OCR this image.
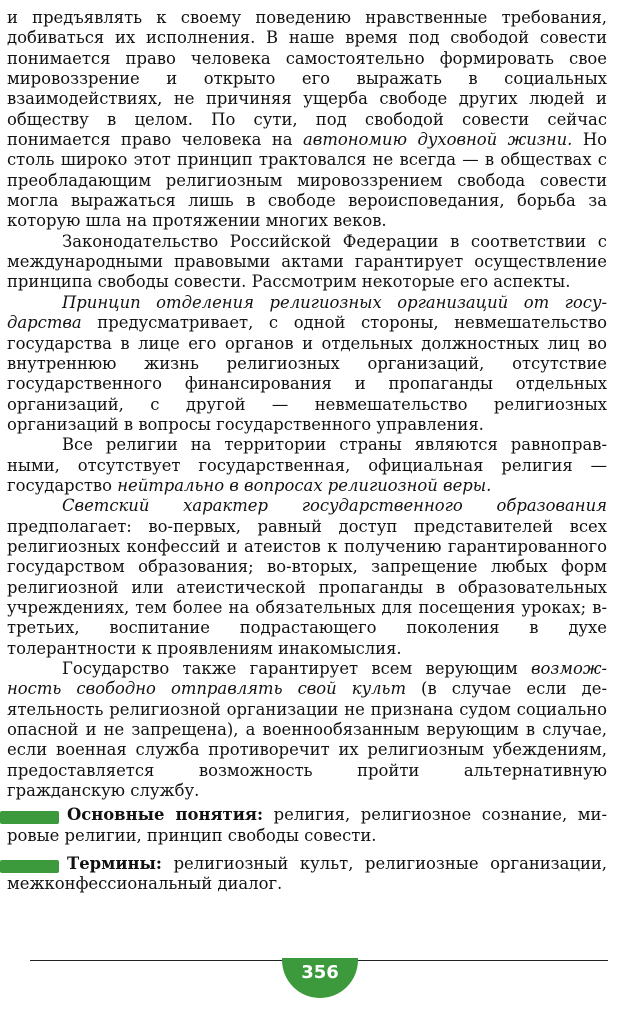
и предъявлять к своему поведению нравственные требования, добиваться их исполнения. В наше время под свободой совести понимается право человека самостоятельно формировать свое мировоззрение и открыто его выражать в социальных взаимодействиях, не причиняя ущерба свободе других людей и обществу в целом. По сути, под свободой совести сейчас понимается право человека на автономию духовной жизни. Но столь широко этот принцип трактовался не всегда — в обществах с преобладающим религиозным мировоззрением свобода совести могла выражаться лишь в свободе вероисповедания, борьба за которую шла на протяжении многих веков.

Законодательство Российской Федерации в соответствии с международными правовыми актами гарантирует осуществление принципа свободы совести. Рассмотрим некоторые его аспекты.

Принцип отделения религиозных организаций от государства предусматривает, с одной стороны, невмешательство государства в лице его органов и отдельных должностных лиц во внутреннюю жизнь религиозных организаций, отсутствие государственного финансирования и пропаганды отдельных организаций, с другой — невмешательство религиозных организаций в вопросы государственного управления.

Все религии на территории страны являются равноправными, отсутствует государственная, официальная религия — государство нейтрально в вопросах религиозной веры.

Светский характер государственного образования предполагает: во-первых, равный доступ представителей всех религиозных конфессий и атеистов к получению гарантированного государством образования; во-вторых, запрещение любых форм религиозной или атеистической пропаганды в образовательных учреждениях, тем более на обязательных для посещения уроках; в-третьих, воспитание подрастающего поколения в духе толерантности к проявлениям инакомыслия.

Государство также гарантирует всем верующим возможность свободно отправлять свой культ (в случае если деятельность религиозной организации не признана судом социально опасной и не запрещена), а военнообязанным верующим в случае, если военная служба противоречит их религиозным убеждениям, предоставляется возможность пройти альтернативную гражданскую службу.

Основные понятия: религия, религиозное сознание, мировые религии, принцип свободы совести.

Термины: религиозный культ, религиозные организации, межконфессиональный диалог.

356
